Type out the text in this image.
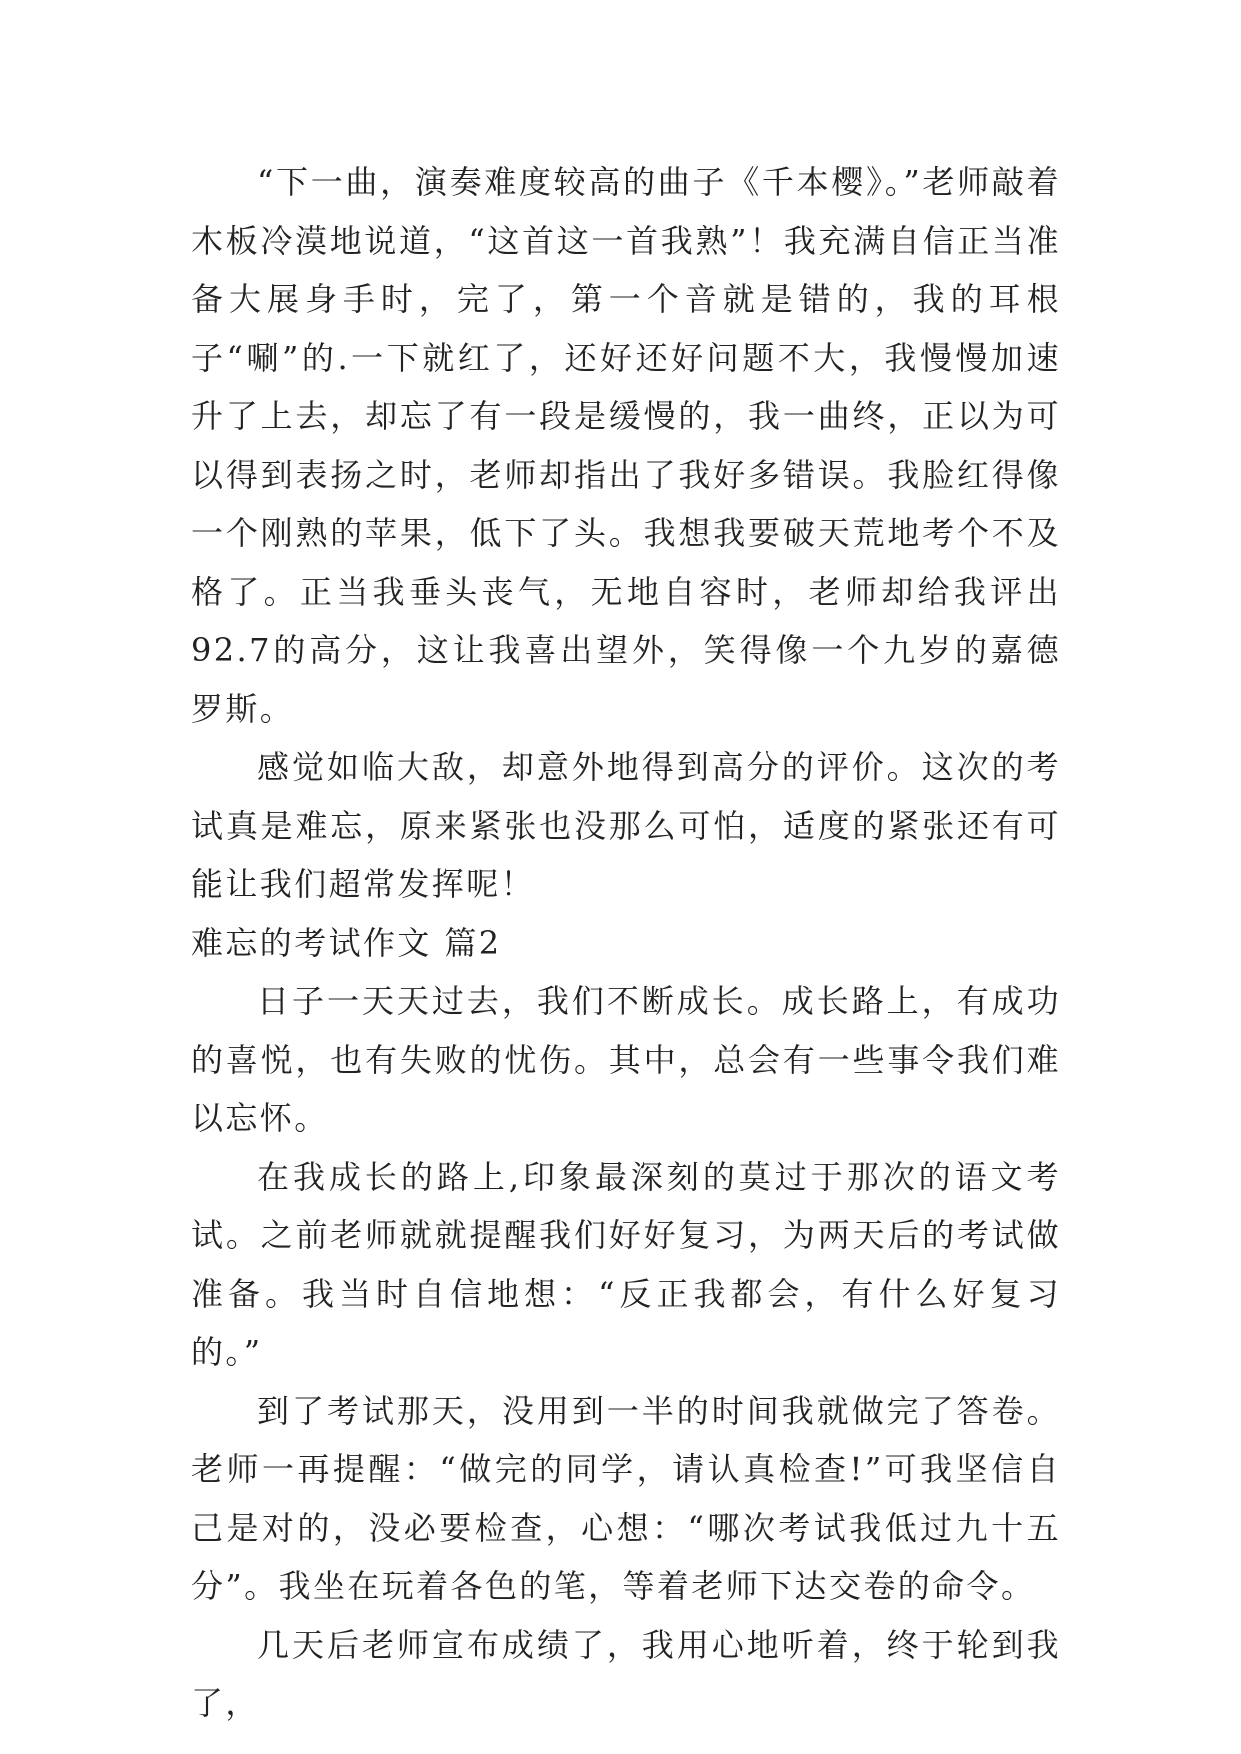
“下一曲，演奏难度较高的曲子《千本樱》。”老师敲着木板冷漠地说道，“这首这一首我熟”！我充满自信正当准备大展身手时，完了，第一个音就是错的，我的耳根子“唰”的.一下就红了，还好还好问题不大，我慢慢加速升了上去，却忘了有一段是缓慢的，我一曲终，正以为可以得到表扬之时，老师却指出了我好多错误。我脸红得像一个刚熟的苹果，低下了头。我想我要破天荒地考个不及格了。正当我垂头丧气，无地自容时，老师却给我评出92.7的高分，这让我喜出望外，笑得像一个九岁的嘉德罗斯。

感觉如临大敌，却意外地得到高分的评价。这次的考试真是难忘，原来紧张也没那么可怕，适度的紧张还有可能让我们超常发挥呢！

难忘的考试作文 篇2

日子一天天过去，我们不断成长。成长路上，有成功的喜悦，也有失败的忧伤。其中，总会有一些事令我们难以忘怀。

在我成长的路上,印象最深刻的莫过于那次的语文考试。之前老师就就提醒我们好好复习，为两天后的考试做准备。我当时自信地想：“反正我都会，有什么好复习的。”

到了考试那天，没用到一半的时间我就做完了答卷。老师一再提醒：“做完的同学，请认真检查!”可我坚信自己是对的，没必要检查，心想：“哪次考试我低过九十五分”。我坐在玩着各色的笔，等着老师下达交卷的命令。

几天后老师宣布成绩了，我用心地听着，终于轮到我了，
